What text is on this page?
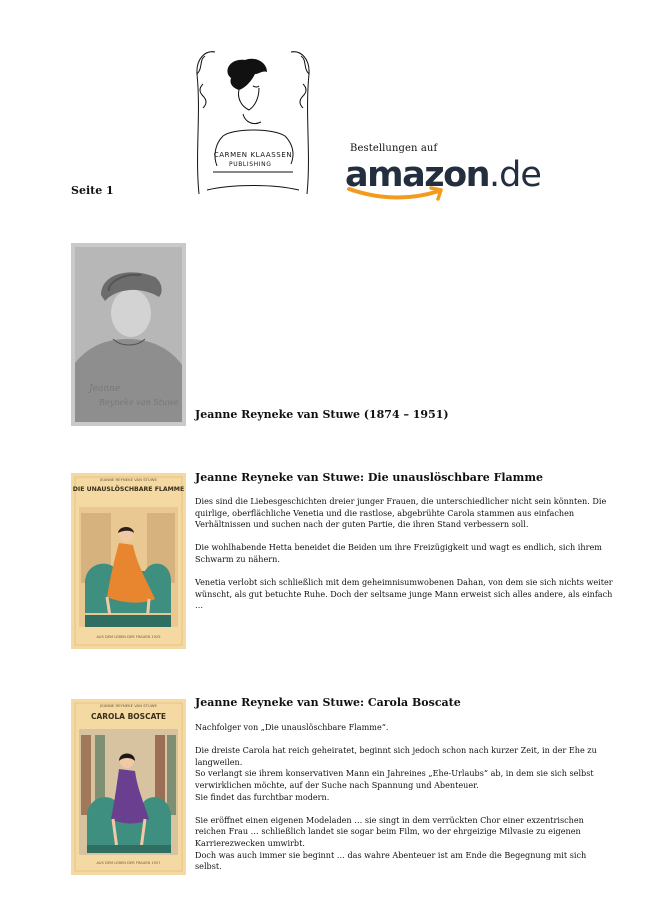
CARMEN KLAASSEN
PUBLISHING
Bestellungen auf
amazon.de
Seite 1
Jeanne
Reyneke van Stuwe
Jeanne Reyneke van Stuwe (1874 – 1951)
JEANNE REYNEKE VAN STUWE
DIE UNAUSLÖSCHBARE FLAMME
AUS DEM LEBEN DER FRAUEN 1925
Jeanne Reyneke van Stuwe: Die unauslöschbare Flamme

Dies sind die Liebesgeschichten dreier junger Frauen, die unterschiedlicher nicht sein könnten. Die quirlige, oberflächliche Venetia und die rastlose, abgebrühte Carola stammen aus einfachen Verhältnissen und suchen nach der guten Partie, die ihren Stand verbessern soll.

Die wohlhabende Hetta beneidet die Beiden um ihre Freizügigkeit und wagt es endlich, sich ihrem Schwarm zu nähern.

Venetia verlobt sich schließlich mit dem geheimnisumwobenen Dahan, von dem sie sich nichts weiter wünscht, als gut betuchte Ruhe. Doch der seltsame junge Mann erweist sich alles andere, als einfach …

JEANNE REYNEKE VAN STUWE
CAROLA BOSCATE
AUS DEM LEBEN DER FRAUEN 1927
Jeanne Reyneke van Stuwe: Carola Boscate

Nachfolger von „Die unauslöschbare Flamme“.

Die dreiste Carola hat reich geheiratet, beginnt sich jedoch schon nach kurzer Zeit, in der Ehe zu langweilen.

So verlangt sie ihrem konservativen Mann ein Jahreines „Ehe-Urlaubs“ ab, in dem sie sich selbst verwirklichen möchte, auf der Suche nach Spannung und Abenteuer.

Sie findet das furchtbar modern.

Sie eröffnet einen eigenen Modeladen … sie singt in dem verrückten Chor einer exzentrischen reichen Frau … schließlich landet sie sogar beim Film, wo der ehrgeizige Milvasie zu eigenen Karrierezwecken umwirbt.

Doch was auch immer sie beginnt … das wahre Abenteuer ist am Ende die Begegnung mit sich selbst.
